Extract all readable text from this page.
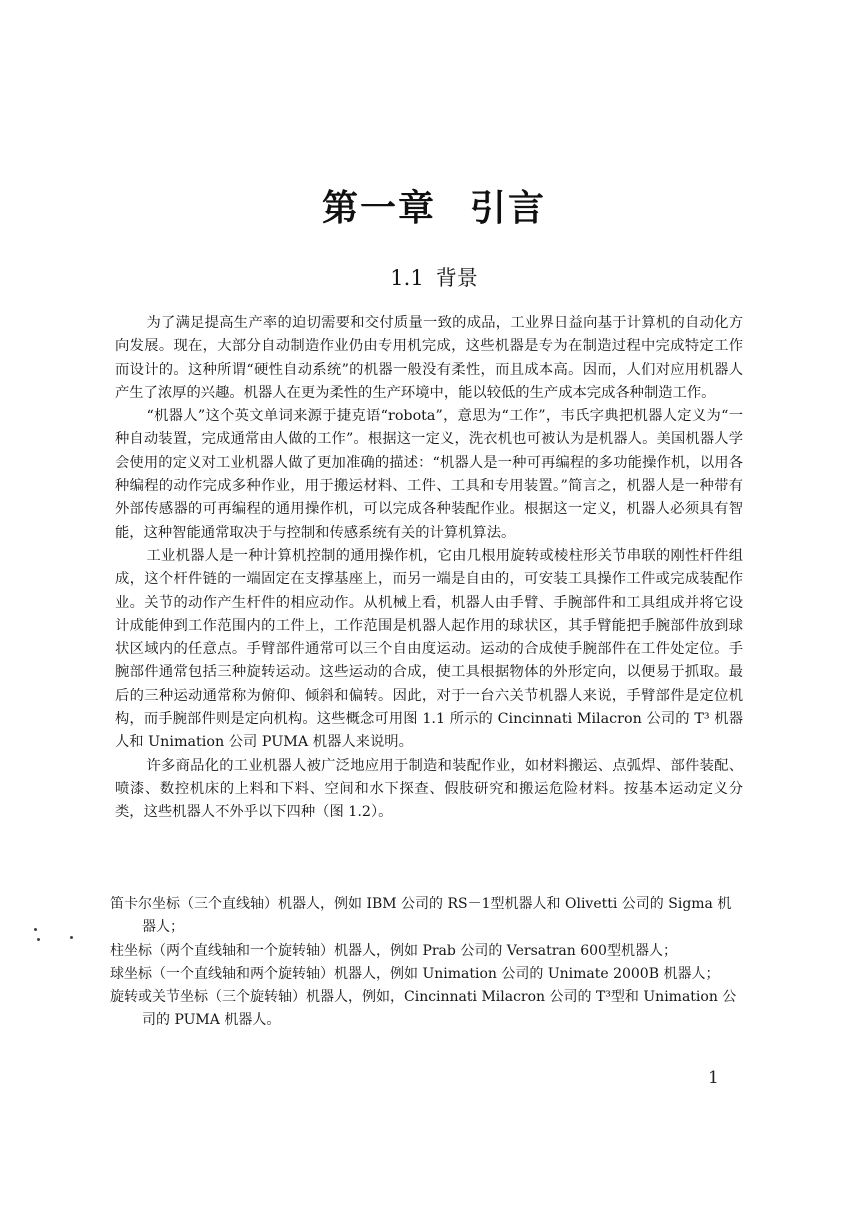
第一章 引言
1.1 背景

为了满足提高生产率的迫切需要和交付质量一致的成品，工业界日益向基于计算机的自动化方向发展。现在，大部分自动制造作业仍由专用机完成，这些机器是专为在制造过程中完成特定工作而设计的。这种所谓“硬性自动系统”的机器一般没有柔性，而且成本高。因而，人们对应用机器人产生了浓厚的兴趣。机器人在更为柔性的生产环境中，能以较低的生产成本完成各种制造工作。

“机器人”这个英文单词来源于捷克语“robota”，意思为“工作”，韦氏字典把机器人定义为“一种自动装置，完成通常由人做的工作”。根据这一定义，洗衣机也可被认为是机器人。美国机器人学会使用的定义对工业机器人做了更加准确的描述：“机器人是一种可再编程的多功能操作机，以用各种编程的动作完成多种作业，用于搬运材料、工件、工具和专用装置。”简言之，机器人是一种带有外部传感器的可再编程的通用操作机，可以完成各种装配作业。根据这一定义，机器人必须具有智能，这种智能通常取决于与控制和传感系统有关的计算机算法。

工业机器人是一种计算机控制的通用操作机，它由几根用旋转或棱柱形关节串联的刚性杆件组成，这个杆件链的一端固定在支撑基座上，而另一端是自由的，可安装工具操作工件或完成装配作业。关节的动作产生杆件的相应动作。从机械上看，机器人由手臂、手腕部件和工具组成并将它设计成能伸到工作范围内的工件上，工作范围是机器人起作用的球状区，其手臂能把手腕部件放到球状区域内的任意点。手臂部件通常可以三个自由度运动。运动的合成使手腕部件在工件处定位。手腕部件通常包括三种旋转运动。这些运动的合成，使工具根据物体的外形定向，以便易于抓取。最后的三种运动通常称为俯仰、倾斜和偏转。因此，对于一台六关节机器人来说，手臂部件是定位机构，而手腕部件则是定向机构。这些概念可用图 1.1 所示的 Cincinnati Milacron 公司的 T³ 机器人和 Unimation 公司 PUMA 机器人来说明。

许多商品化的工业机器人被广泛地应用于制造和装配作业，如材料搬运、点弧焊、部件装配、喷漆、数控机床的上料和下料、空间和水下探查、假肢研究和搬运危险材料。按基本运动定义分类，这些机器人不外乎以下四种（图 1.2）。

笛卡尔坐标（三个直线轴）机器人，例如 IBM 公司的 RS－1型机器人和 Olivetti 公司的 Sigma 机器人；
柱坐标（两个直线轴和一个旋转轴）机器人，例如 Prab 公司的 Versatran 600型机器人；
球坐标（一个直线轴和两个旋转轴）机器人，例如 Unimation 公司的 Unimate 2000B 机器人；
旋转或关节坐标（三个旋转轴）机器人，例如，Cincinnati Milacron 公司的 T³型和 Unimation 公司的 PUMA 机器人。
1
